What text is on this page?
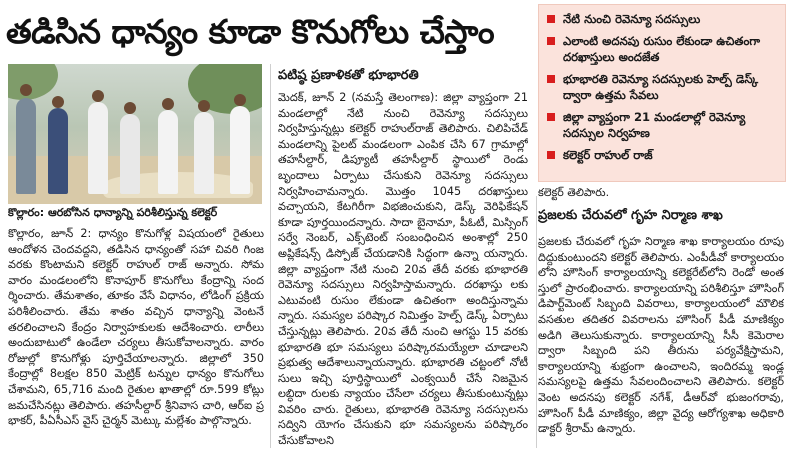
తడిసిన ధాన్యం కూడా కొనుగోలు చేస్తాం
కొల్లారం: ఆరబోసిన ధాన్యాన్ని పరిశీలిస్తున్న కలెక్టర్

కొల్లారం, జూన్ 2: ధాన్యం కొనుగోళ్ల విషయంలో రైతులు ఆందోళన చెందవద్దని, తడిసిన ధాన్యంతో సహా చివరి గింజ వరకు కొంటామని కలెక్టర్ రాహుల్ రాజ్ అన్నారు. సోమ వారం మండలంలోని కొనాపూర్ కొనుగోలు కేంద్రాన్ని సంద ర్శించారు. తేమశాతం, తూకం వేసే విధానం, లోడింగ్ ప్రక్రియ పరిశీలించారు. తేమ శాతం వచ్చిన ధాన్యాన్ని వెంటనే తరలించాలని కేంద్రం నిర్వాహకులకు ఆదేశించారు. లారీలు అందుబాటులో ఉండేలా చర్యలు తీసుకోవాలన్నారు. వారం రోజుల్లో కొనుగోళ్లు పూర్తిచేయాలన్నారు. జిల్లాలో 350 కేంద్రాల్లో 8లక్షల 850 మెట్రిక్ టన్నుల ధాన్యం కొనుగోలు చేశామని, 65,716 మంది రైతుల ఖాతాల్లో రూ.599 కోట్లు జమచేసినట్లు తెలిపారు. తహసీల్దార్ శ్రీనివాస చారి, ఆర్ఐ ప్ర భాకర్, పీఏసీఎస్ వైస్ చైర్మన్ మెట్కు మల్లేశం పాల్గొన్నారు.

పటిష్ఠ ప్రణాళికతో భూభారతి

మెదక్, జూన్ 2 (నమస్తే తెలంగాణ): జిల్లా వ్యాప్తంగా 21 మండలాల్లో నేటి నుంచి రెవెన్యూ సదస్సులు నిర్వహిస్తున్నట్లు కలెక్టర్ రాహుల్‌రాజ్ తెలిపారు. చిలిపిచేడ్ మండలాన్ని పైలట్ మండలంగా ఎంపిక చేసి 67 గ్రామాల్లో తహసీల్దార్, డిప్యూటీ తహసీల్దార్ స్థాయిలో రెండు బృందాలు ఏర్పాటు చేసుకుని రెవెన్యూ సదస్సులు నిర్వహించామన్నారు. మొత్తం 1045 దరఖాస్తులు వచ్చాయని, కేటగిరీగా విభజించుకుని, డెస్క్ వెరిఫికేషన్ కూడా పూర్తయిందన్నారు. సాదా బైనామా, పీఓటీ, మిస్సింగ్ సర్వే నెంబర్, ఎక్స్‌టెంట్ సంబంధించిన అంశాల్లో 250 అప్లికేషన్స్ డిస్పోజ్ చేయడానికి సిద్ధంగా ఉన్నా యన్నారు. జిల్లా వ్యాప్తంగా నేటి నుంచి 20వ తేదీ వరకు భూభారతి రెవెన్యూ సదస్సులు నిర్వహిస్తామన్నారు. దరఖాస్తు లకు ఎటువంటి రుసుం లేకుండా ఉచితంగా అందిస్తున్నామ న్నారు. సమస్యల పరిష్కార నిమిత్తం హెల్ప్ డెస్క్ ఏర్పాటు చేస్తున్నట్లు తెలిపారు. 20వ తేదీ నుంచి ఆగస్టు 15 వరకు భూభారతి భూ సమస్యలు పరిష్కారమయ్యేలా చూడాలని ప్రభుత్వ ఆదేశాలున్నాయన్నారు. భూభారతి చట్టంలో నోటీ సులు ఇచ్చి పూర్తిస్థాయిలో ఎంక్వయిరీ చేసే నిజమైన లబ్ధిదా రులకు న్యాయం చేసేలా చర్యలు తీసుకుంటున్నట్లు వివరిం చారు. రైతులు, భూభారతి రెవెన్యూ సదస్సులను సద్విని యోగం చేసుకుని భూ సమస్యలను పరిష్కారం చేసుకోవాలని

నేటి నుంచి రెవెన్యూ సదస్సులు
ఎలాంటి అదనపు రుసుం లేకుండా ఉచితంగా దరఖాస్తులు అందజేత
భూభారతి రెవెన్యూ సదస్సులకు హెల్ప్ డెస్క్ ద్వారా ఉత్తమ సేవలు
జిల్లా వ్యాప్తంగా 21 మండలాల్లో రెవెన్యూ సదస్సుల నిర్వహణ
కలెక్టర్ రాహుల్ రాజ్
కలెక్టర్ తెలిపారు.
ప్రజలకు చేరువలో గృహ నిర్మాణ శాఖ

ప్రజలకు చేరువలో గృహ నిర్మాణ శాఖ కార్యాలయం రూపు దిద్దుకుంటుందని కలెక్టర్ తెలిపారు. ఎంపీడీవో కార్యాలయం లోని హౌసింగ్ కార్యాలయాన్ని కలెక్టరేట్‌లోని రెండో అంత స్తులో ప్రారంభించారు. కార్యాలయాన్ని పరిశీలిస్తూ హౌసింగ్ డిపార్ట్‌మెంట్ సిబ్బంది వివరాలు, కార్యాలయంలో మౌలిక వసతుల తదితర వివరాలను హౌసింగ్ పీడీ మాణిక్యం అడిగి తెలుసుకున్నారు. కార్యాలయాన్ని సీసీ కెమెరాల ద్వారా సిబ్బంది పని తీరును పర్యవేక్షిస్తామని, కార్యాలయాన్ని శుభ్రంగా ఉంచాలని, ఇందిరమ్మ ఇండ్ల సమస్యలపై ఉత్తమ సేవలందించాలని తెలిపారు. కలెక్టర్ వెంట అదనపు కలెక్టర్ నగేశ్, డీఆర్‌వో భుజంగరావు, హౌసింగ్ పీడీ మాణిక్యం, జిల్లా వైద్య ఆరోగ్యశాఖ అధికారి డాక్టర్ శ్రీరామ్ ఉన్నారు.
